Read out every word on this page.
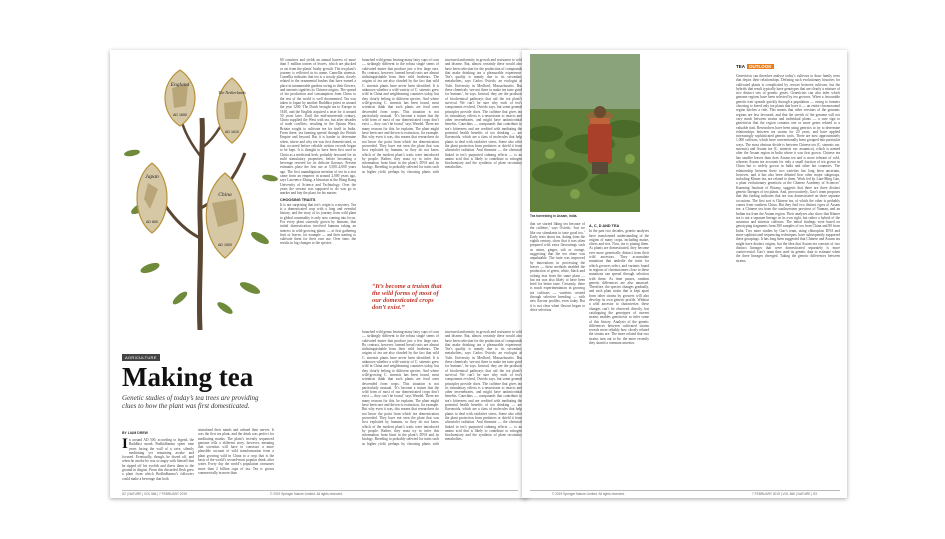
England
AD 1650
The Netherlands
AD 1610
Japan
AD 800
China
AD 1500
AGRICULTURE
Making tea

Genetic studies of today’s tea trees are providing clues to how the plant was first domesticated.

BY LIAM DREW
I n around AD 500, according to legend, the Buddhist monk Bodhidharma spent nine years facing the wall of a cave, silently meditating yet remaining awake and focused. Eventually, though, he dozed off, and when he awoke he was so angry with himself that he ripped off his eyelids and threw them to the ground in disgust. From this discarded flesh grew a plant from which Bodhidharma’s followers could make a beverage that both

stimulated their minds and calmed their nerves. It was the first tea plant, and the drink was perfect for meditating monks. The plant’s recently sequenced genome tells a different story, however, meaning that scientists will have to construct a more plausible account of wild transformation from a plant growing wild in China to a crop that is the basis of the world’s second-most popular drink, after water. Every day the world’s population consumes more than 2 billion cups of tea. Tea is grown commercially in more than

60 countries and yields an annual harvest of more than 5 million tonnes of leaves, which are plucked or cut from the plants’ bushy growth. The tea plant’s journey is reflected in its name, Camellia sinensis. Camellia indicates that tea is a woody plant, closely related to the ornamental bushes that have earned a place in innumerable gardens owing to their flowers, and sinensis signifies its Chinese origins. The spread of tea production and consumption from China to the rest of the world is well documented. Tea was taken to Japan by another Buddhist priest in around the year 1200. The Dutch brought tea to Europe in 1610, and the English acquired a taste for it around 50 years later. Until the mid-nineteenth century, China supplied the West with tea, but after decades of trade conflicts, resulting in the Opium Wars, Britain sought to cultivate tea for itself in India. From there, tea farming spread through the British Empire and beyond. But it is harder to determine when, where and why tea was first domesticated, or that occurred before reliable written records began to be kept. It is thought to have been first used in China as a medicinal herb, probably favoured for its mild stimulatory properties, before becoming a beverage revered for its delicate flavours. Present estimates place the first use at 3,500–4,000 years ago. The first unambiguous mention of tea in a text came from an emperor in around 2,000 years ago, says Lawrence Zhang, a historian at the Hong Kong University of Science and Technology. Over the years the servant was supposed to do was go to market and buy the plant for his master.

CHOOSING TRAITS

It is not surprising that tea’s origin is a mystery. Tea is a domesticated crop with a long and eventful history, and the story of its journey from wild plant to global commodity is only now coming into focus. For every plant currently grown by humans, that initial domestication involved humans taking an interest in wild-growing plants — at first gathering fruit or leaves, for example — and then starting to cultivate them for their own use. Over time, the results in big changes to the species.

branched wild genus bearing many fairy cups of corn — strikingly different to the robust single stems of cultivated maize that produce just a few large ears. By contrast, however, farmed bread roots are almost indistinguishable from their wild forebears. The origins of tea are also clouded by the fact that wild C. sinensis plants have never been identified. It is unknown whether a wild variety of C. sinensis grew wild in China and neighbouring countries today, but they clearly belong to different species. And where wild-growing C. sinensis has been found, most scientists think that such plants are feral ones descended from crops. This situation is not particularly unusual. ‘It’s become a truism that the wild form of most of our domesticated crops don’t exist — they can’t be found,’ says Wendel. There are many reasons for this, he explains. The plant might have been rare and driven to extinction, for example. But why even it was, this means that researchers do not know the point from which tea domestication proceeded. They have not seen the plant that was first exploited by humans, so they do not know which of the modern plant’s traits were introduced by people. Rather, they must try to infer this information from hints in the plant’s DNA and its biology. Breeding to probably selected for traits such as higher yield, perhaps by choosing plants with increased uniformity in growth and resistance to cold and disease. But, almost certainly these would also have been selection for the production of compounds that make drinking tea a pleasurable experience. Tea’s quality is mainly due to its secondary metabolites, says Carlos Oviedo, an ecologist at Tufts University in Medford, Massachusetts. But these chemicals ‘are not there to make tea taste good for humans’, he says. Instead, they are the products of biochemical pathways that aid the tea plant’s survival. We can’t be sure why each of tea’s components evolved, Oviedo says, but some general principles provide clues. The caffeine that gives tea its stimulatory effects is a neurotoxin to insects and other invertebrates, and might have antimicrobial benefits. Catechins — compounds that contribute to tea’s bitterness and are credited with mediating the potential health benefits of tea drinking — are flavonoids, which are a class of molecules that help plants to deal with oxidative stress. Some also offer the plant protection from predators or shield it from ultraviolet radiation. And theanine — the chemical linked to tea’s purported calming effects — is an amino acid that is likely to contribute to nitrogen biochemistry and the synthesis of plant secondary metabolites.

“It’s become a truism that the wild forms of most of our domesticated crops don’t exist.”

branched wild genus bearing many fairy cups of corn — strikingly different to the robust single stems of cultivated maize that produce just a few large ears. By contrast, however, farmed bread roots are almost indistinguishable from their wild forebears. The origins of tea are also clouded by the fact that wild C. sinensis plants have never been identified. It is unknown whether a wild variety of C. sinensis grew wild in China and neighbouring countries today, but they clearly belong to different species. And where wild-growing C. sinensis has been found, most scientists think that such plants are feral ones descended from crops. This situation is not particularly unusual. ‘It’s become a truism that the wild form of most of our domesticated crops don’t exist — they can’t be found,’ says Wendel. There are many reasons for this, he explains. The plant might have been rare and driven to extinction, for example. But why even it was, this means that researchers do not know the point from which tea domestication proceeded. They have not seen the plant that was first exploited by humans, so they do not know which of the modern plant’s traits were introduced by people. Rather, they must try to infer this information from hints in the plant’s DNA and its biology. Breeding to probably selected for traits such as higher yield, perhaps by choosing plants with increased uniformity in growth and resistance to cold and disease. But, almost certainly these would also have been selection for the production of compounds that make drinking tea a pleasurable experience. Tea’s quality is mainly due to its secondary metabolites, says Carlos Oviedo, an ecologist at Tufts University in Medford, Massachusetts. But these chemicals ‘are not there to make tea taste good for humans’, he says. Instead, they are the products of biochemical pathways that aid the tea plant’s survival. We can’t be sure why each of tea’s components evolved, Oviedo says, but some general principles provide clues. The caffeine that gives tea its stimulatory effects is a neurotoxin to insects and other invertebrates, and might have antimicrobial benefits. Catechins — compounds that contribute to tea’s bitterness and are credited with mediating the potential health benefits of tea drinking — are flavonoids, which are a class of molecules that help plants to deal with oxidative stress. Some also offer the plant protection from predators or shield it from ultraviolet radiation. And theanine — the chemical linked to tea’s purported calming effects — is an amino acid that is likely to contribute to nitrogen biochemistry and the synthesis of plant secondary metabolites.

S2 | NATURE | VOL 566 | 7 FEBRUARY 2019	© 2019 Springer Nature Limited. All rights reserved.
Tea harvesting in Assam, India.
TEA OUTLOOK

that we started liking tea because of the caffeine,’ says Oviedo, ‘but we like our stimulants to taste good too.’ Early texts about tea, dating from the eighth century, show that it was often prepared with extra flavourings such as onion, ginger, salt or orange, suggesting that the tea alone was unpalatable. The taste was improved by innovations in processing the leaves — these methods enabled the production of green, white, black and oolong teas from the same plant — but tea was also likely to have been bred for better taste. Certainly, there is much experimentation in growing tea cultivars — varieties created through selective breeding — with new flavour profiles, even today. But it is not clear when flavour began to drive selection.

A, C, D AND TEA

In the past two decades, genetic analyses have transformed understanding of the origins of many crops, including maize, olives and rice. Now, tea is joining them. As plants are domesticated, they become ever more genetically distinct from their wild ancestors. They accumulate mutations that underlie the traits for which growers select, and variants found in regions of chromosomes close to these mutations can spread through selection with them. As time passes, random genetic differences are also amassed. Therefore, the species changes gradually, and each plant strain that is kept apart from other strains by growers will also develop its own genetic profile. Without a wild ancestor to characterize, these changes can’t be observed directly, but cataloguing the genotypes of current strains enables geneticists to infer some of this history. Analysis of the genetic differences between cultivated strains reveals more reliably how closely related the strains are. The more related that two strains turn out to be, the more recently they shared a common ancestor.

Geneticists can therefore analyse today’s cultivars to draw family trees that depict their relationships. Defining such evolutionary histories for cultivated plants is complicated by crosses between cultivars, but the hybrids that result typically have genotypes that are clearly a mixture of two distinct sets of genetic genes. Geneticists can also infer which genome regions have been selected by tea growers. When a favourable genetic trait spreads quickly through a population — owing to farmers choosing to breed only tea plants that have it — an entire chromosomal region hitches a ride. This means that other versions of the genomic regions are less favoured, and that the stretch of the genome will not vary much between strains and individual plants — a sure sign to geneticists that the region contains one or more genes related to a valuable trait. Researchers have been using genetics to try to determine relationships between tea strains for 20 years, and have applied increasingly sophisticated genetic tools. There are now approximately 1,000 cultivars, which have conventionally been grouped into particular ways. The most obvious divide is between Chinese tea (C. sinensis var. sinensis) and Assam tea (C. sinensis var. assamica), which is named after the Assam region in India where it was first grown. Chinese tea has smaller leaves than does Assam tea and is more tolerant of cold, whereas Assam tea accounts for only a small fraction of tea grown in China but is widely grown in India and other hot countries. The relationship between these two varieties has long been uncertain, however, and it has also been debated how other major subgroups, including Khmer tea, are related to them. Work led by Lian-Ming Gao, a plant evolutionary geneticist at the Chinese Academy of Sciences’ Kunming Institute of Botany, suggests that there are three distinct genetic lineages of tea plants. And, provocatively, Gao’s team proposes that this finding indicates that tea was domesticated on three separate occasions. The first sort is Chinese tea, of which the other is probably comes from southern China. But they find two distinct types of Assam tea: a Chinese tea from the southwestern province of Yunnan, and an Indian tea from the Assam region. Their analyses also show that Khmer tea is not a separate lineage in its own right, but rather a hybrid of the assamica and sinensis cultivars. The initial findings were based on genotyping fragments from 300 samples of tea from China and 80 from India. Two more studies by Gao’s team, using chloroplast DNA and more sophisticated sequencing techniques, have subsequently supported these groupings. It has long been suggested that Chinese and Assam tea might have distinct origins, but the idea that Assam tea consists of two distinct lineages that were domesticated separately is more controversial. Gao’s team then used its genetic data to estimate when the three lineages diverged. Taking the genetic differences between strains,

© 2019 Springer Nature Limited. All rights reserved.	7 FEBRUARY 2019 | VOL 566 | NATURE | S3
